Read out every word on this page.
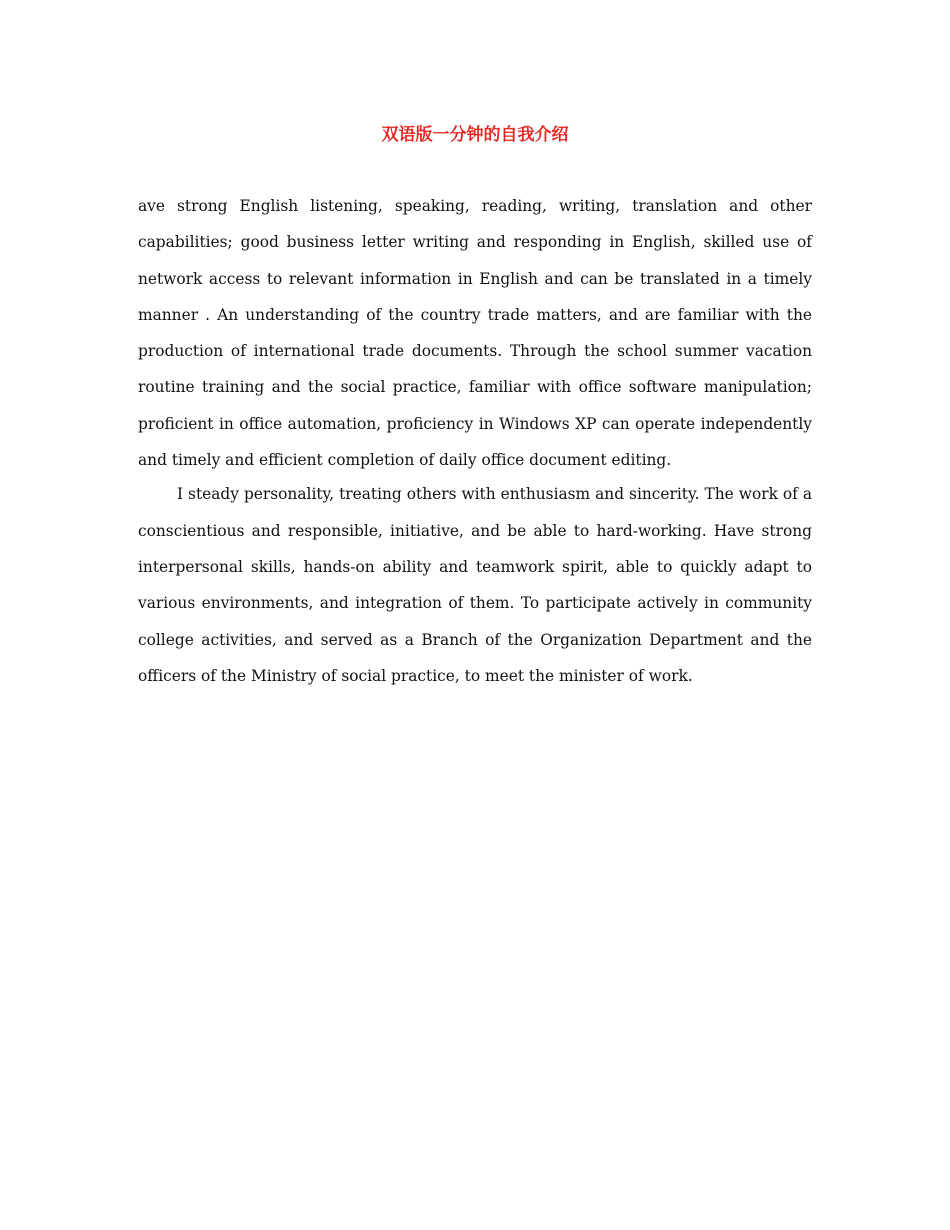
双语版一分钟的自我介绍

ave strong English listening, speaking, reading, writing, translation and other capabilities; good business letter writing and responding in English, skilled use of network access to relevant information in English and can be translated in a timely manner . An understanding of the country trade matters, and are familiar with the production of international trade documents. Through the school summer vacation routine training and the social practice, familiar with office software manipulation; proficient in office automation, proficiency in Windows XP can operate independently and timely and efficient completion of daily office document editing.

I steady personality, treating others with enthusiasm and sincerity. The work of a conscientious and responsible, initiative, and be able to hard-working. Have strong interpersonal skills, hands-on ability and teamwork spirit, able to quickly adapt to various environments, and integration of them. To participate actively in community college activities, and served as a Branch of the Organization Department and the officers of the Ministry of social practice, to meet the minister of work.
